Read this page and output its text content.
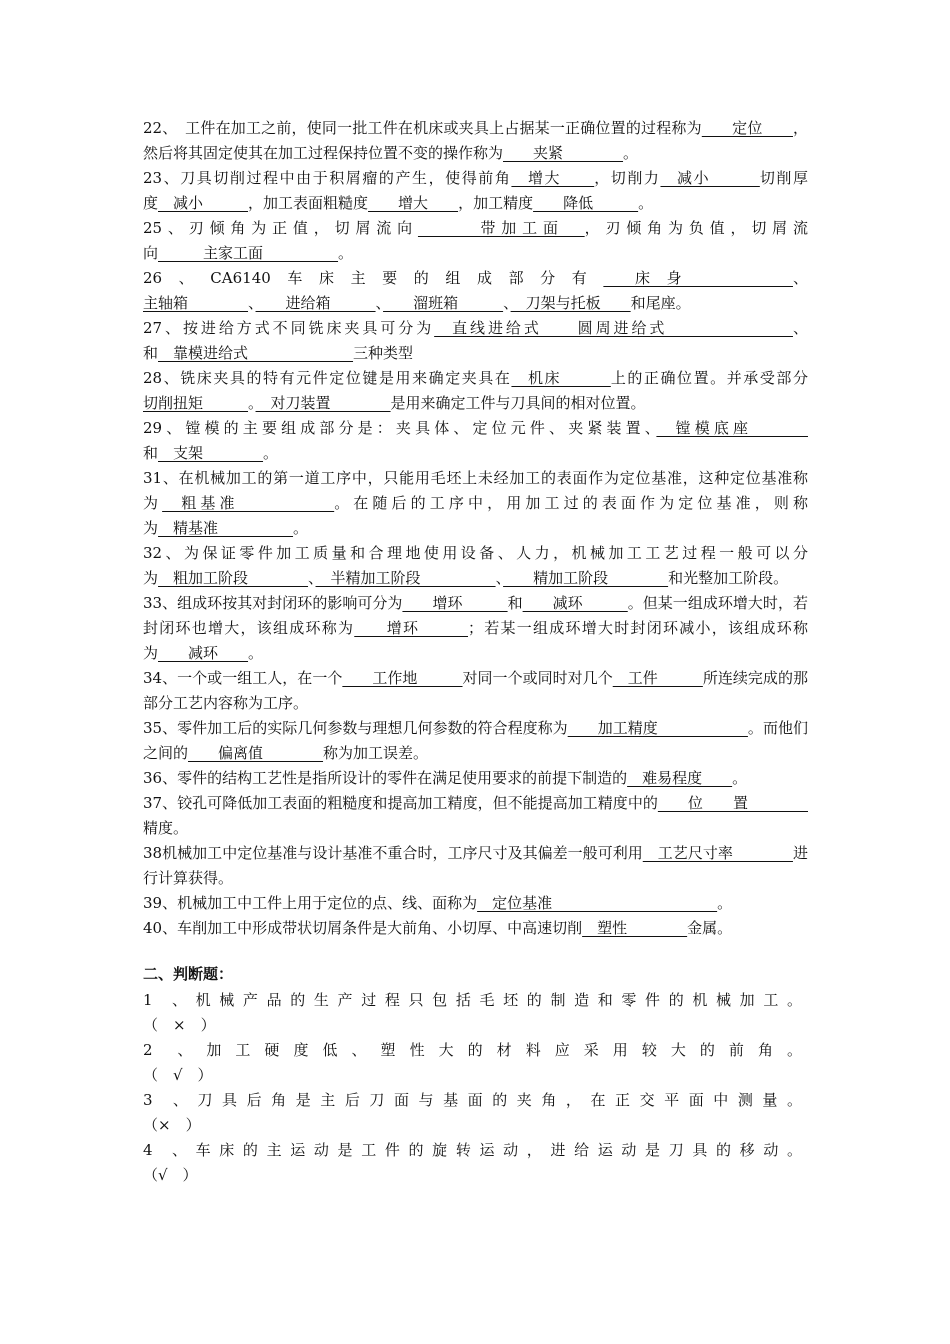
22、　工件在加工之前，使同一批工件在机床或夹具上占据某一正确位置的过程称为　　定位　　，然后将其固定使其在加工过程保持位置不变的操作称为　　夹紧　　　　。

23、刀具切削过程中由于积屑瘤的产生，使得前角　增大　　，切削力　减小　　　切削厚度　减小　　　，加工表面粗糙度　　增大　　，加工精度　　降低　　　。

25、刃倾角为正值，切屑流向　　　带加工面　，刃倾角为负值，切屑流向　　　主家工面　　　　　。

26、CA6140车床主要的组成部分有　床身　　　、主轴箱　　　　、　　进给箱　　　、　　溜班箱　　　、　刀架与托板　　和尾座。

27、按进给方式不同铣床夹具可分为　直线进给式　　圆周进给式　　　　　　　、和　靠模进给式　　　　　　　三种类型

28、铣床夹具的特有元件定位键是用来确定夹具在　机床　　　上的正确位置。并承受部分切削扭矩　　　。　对刀装置　　　　是用来确定工件与刀具间的相对位置。

29、镗模的主要组成部分是：夹具体、定位元件、夹紧装置、　镗模底座　　　　和　支架　　　　。

31、在机械加工的第一道工序中，只能用毛坯上未经加工的表面作为定位基准，这种定位基准称为　粗基准　　　　　。在随后的工序中，用加工过的表面作为定位基准，则称为　精基准　　　　　。

32、为保证零件加工质量和合理地使用设备、人力，机械加工工艺过程一般可以分为　粗加工阶段　　　　、　半精加工阶段　　　　　、　　精加工阶段　　　　和光整加工阶段。

33、组成环按其对封闭环的影响可分为　　增环　　　和　　减环　　　。但某一组成环增大时，若封闭环也增大，该组成环称为　　增环　　　；若某一组成环增大时封闭环减小，该组成环称为　　减环　　。

34、一个或一组工人，在一个　　工作地　　　对同一个或同时对几个　工件　　　所连续完成的那部分工艺内容称为工序。

35、零件加工后的实际几何参数与理想几何参数的符合程度称为　　加工精度　　　　　　。而他们之间的　　偏离值　　　　称为加工误差。

36、零件的结构工艺性是指所设计的零件在满足使用要求的前提下制造的　难易程度　　。

37、铰孔可降低加工表面的粗糙度和提高加工精度，但不能提高加工精度中的　　位　　置　　　　精度。

38机械加工中定位基准与设计基准不重合时，工序尺寸及其偏差一般可利用　工艺尺寸率　　　　进行计算获得。

39、机械加工中工件上用于定位的点、线、面称为　定位基准　　　　　　　　　　　。

40、车削加工中形成带状切屑条件是大前角、小切厚、中高速切削　塑性　　　　金属。

二、判断题：

1 、机械产品的生产过程只包括毛坯的制造和零件的机械加工。

（　×　）

2 、加工硬度低、塑性大的材料应采用较大的前角。

（　√　）

3 、刀具后角是主后刀面与基面的夹角，在正交平面中测量。

（×　）

4 、车床的主运动是工件的旋转运动，进给运动是刀具的移动。

（√　）
